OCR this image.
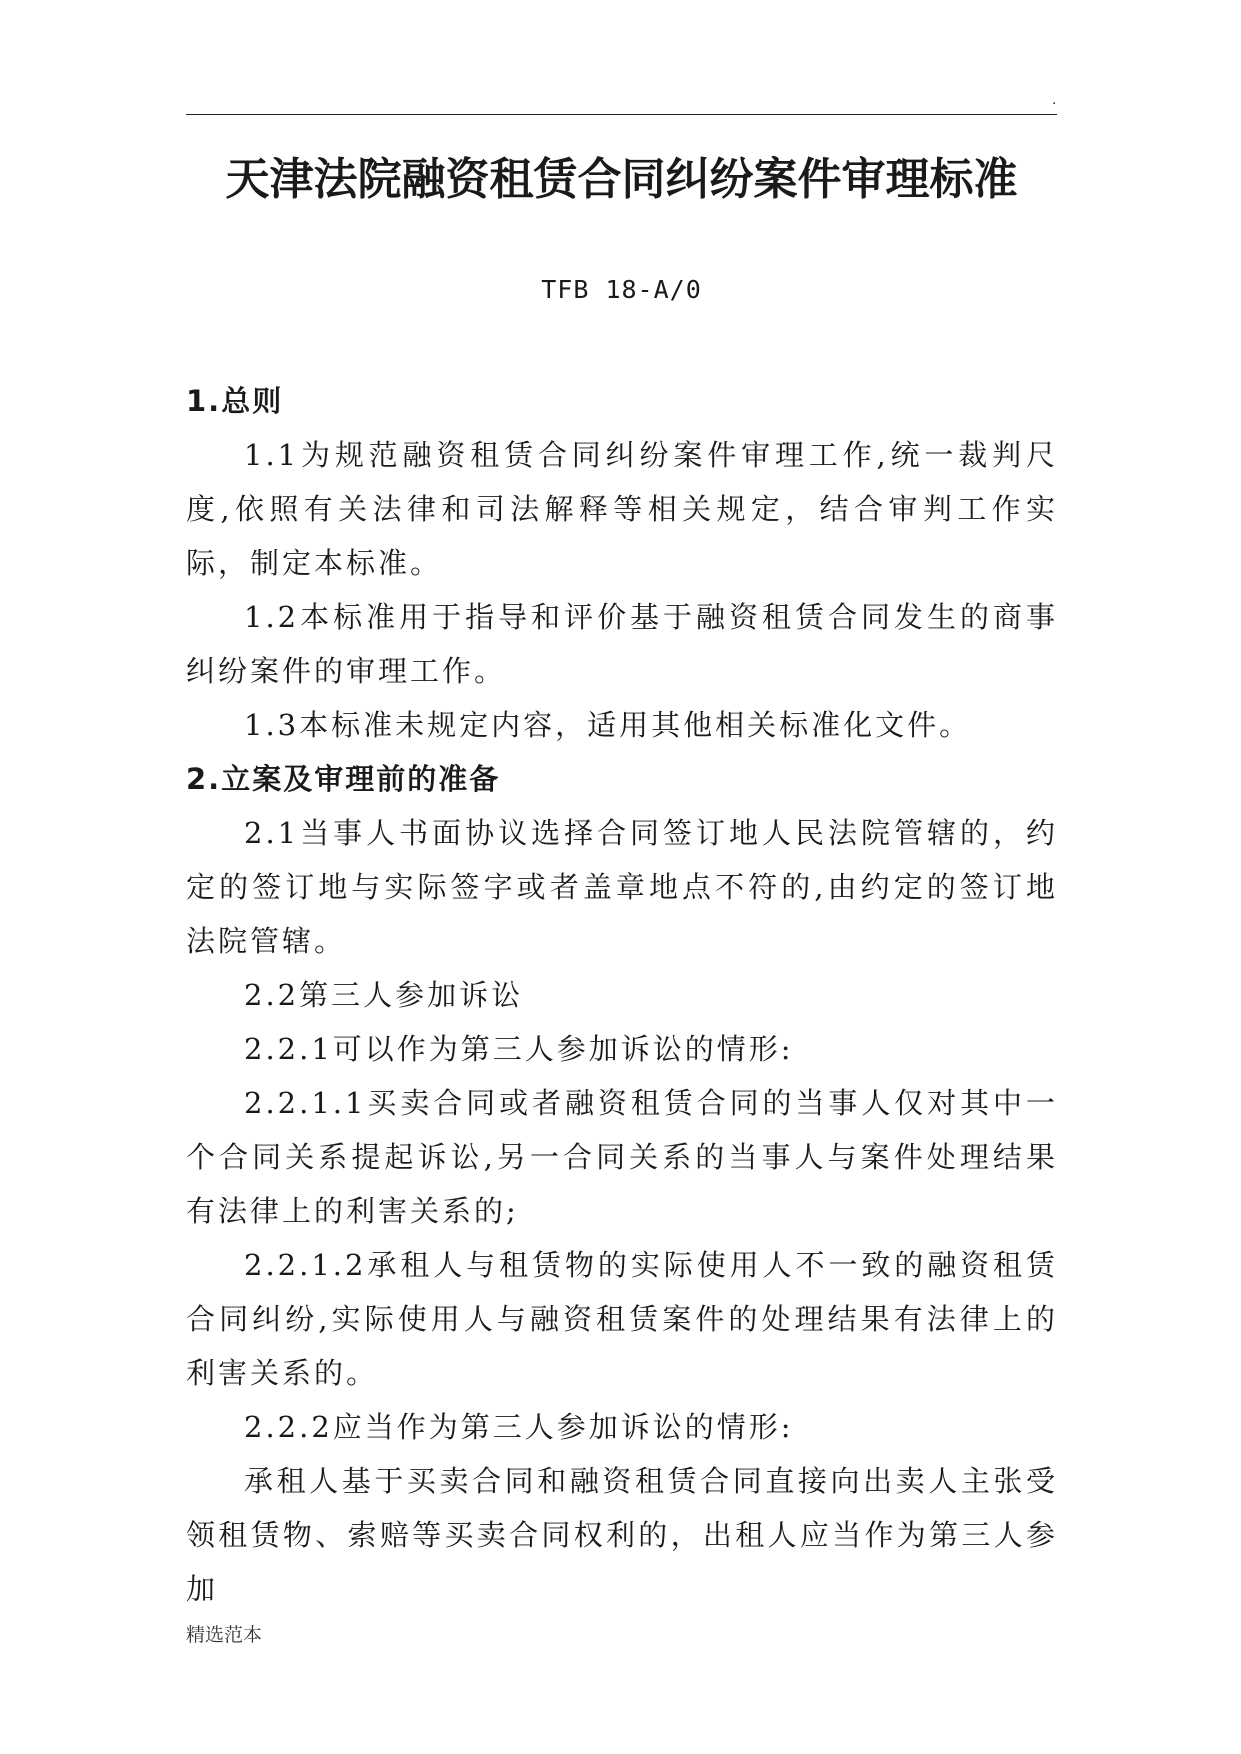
.
天津法院融资租赁合同纠纷案件审理标准
TFB 18-A/0

1.总则

1.1为规范融资租赁合同纠纷案件审理工作,统一裁判尺度,依照有关法律和司法解释等相关规定，结合审判工作实际，制定本标准。

1.2本标准用于指导和评价基于融资租赁合同发生的商事纠纷案件的审理工作。

1.3本标准未规定内容，适用其他相关标准化文件。

2.立案及审理前的准备

2.1当事人书面协议选择合同签订地人民法院管辖的，约定的签订地与实际签字或者盖章地点不符的,由约定的签订地法院管辖。

2.2第三人参加诉讼

2.2.1可以作为第三人参加诉讼的情形:

2.2.1.1买卖合同或者融资租赁合同的当事人仅对其中一个合同关系提起诉讼,另一合同关系的当事人与案件处理结果有法律上的利害关系的;

2.2.1.2承租人与租赁物的实际使用人不一致的融资租赁合同纠纷,实际使用人与融资租赁案件的处理结果有法律上的利害关系的。

2.2.2应当作为第三人参加诉讼的情形:

承租人基于买卖合同和融资租赁合同直接向出卖人主张受领租赁物、索赔等买卖合同权利的，出租人应当作为第三人参加

精选范本
